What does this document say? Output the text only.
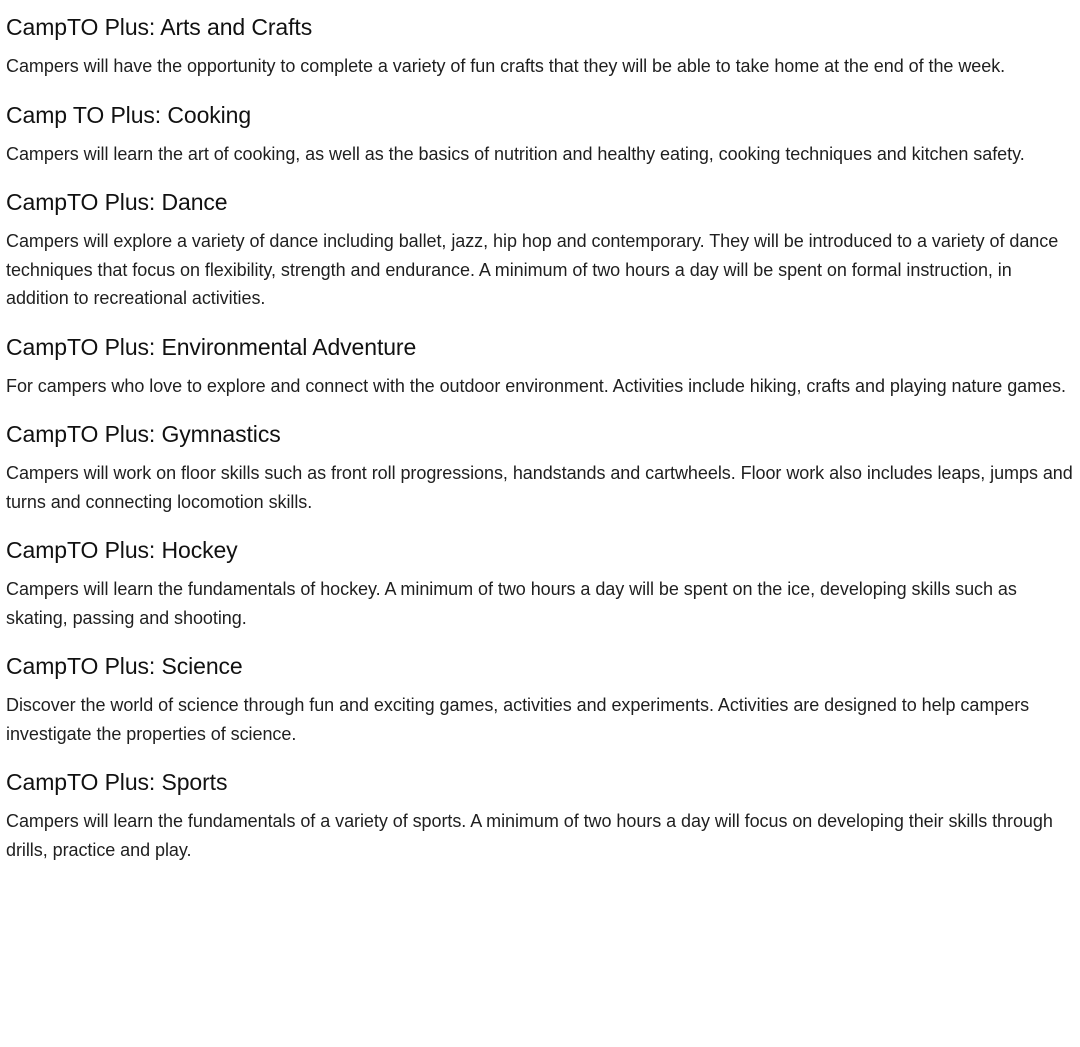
CampTO Plus: Arts and Crafts

Campers will have the opportunity to complete a variety of fun crafts that they will be able to take home at the end of the week.

Camp TO Plus: Cooking

Campers will learn the art of cooking, as well as the basics of nutrition and healthy eating, cooking techniques and kitchen safety.

CampTO Plus: Dance

Campers will explore a variety of dance including ballet, jazz, hip hop and contemporary. They will be introduced to a variety of dance techniques that focus on flexibility, strength and endurance. A minimum of two hours a day will be spent on formal instruction, in addition to recreational activities.

CampTO Plus: Environmental Adventure

For campers who love to explore and connect with the outdoor environment. Activities include hiking, crafts and playing nature games.

CampTO Plus: Gymnastics

Campers will work on floor skills such as front roll progressions, handstands and cartwheels. Floor work also includes leaps, jumps and turns and connecting locomotion skills.

CampTO Plus: Hockey

Campers will learn the fundamentals of hockey. A minimum of two hours a day will be spent on the ice, developing skills such as skating, passing and shooting.

CampTO Plus: Science

Discover the world of science through fun and exciting games, activities and experiments. Activities are designed to help campers investigate the properties of science.

CampTO Plus: Sports

Campers will learn the fundamentals of a variety of sports. A minimum of two hours a day will focus on developing their skills through drills, practice and play.
